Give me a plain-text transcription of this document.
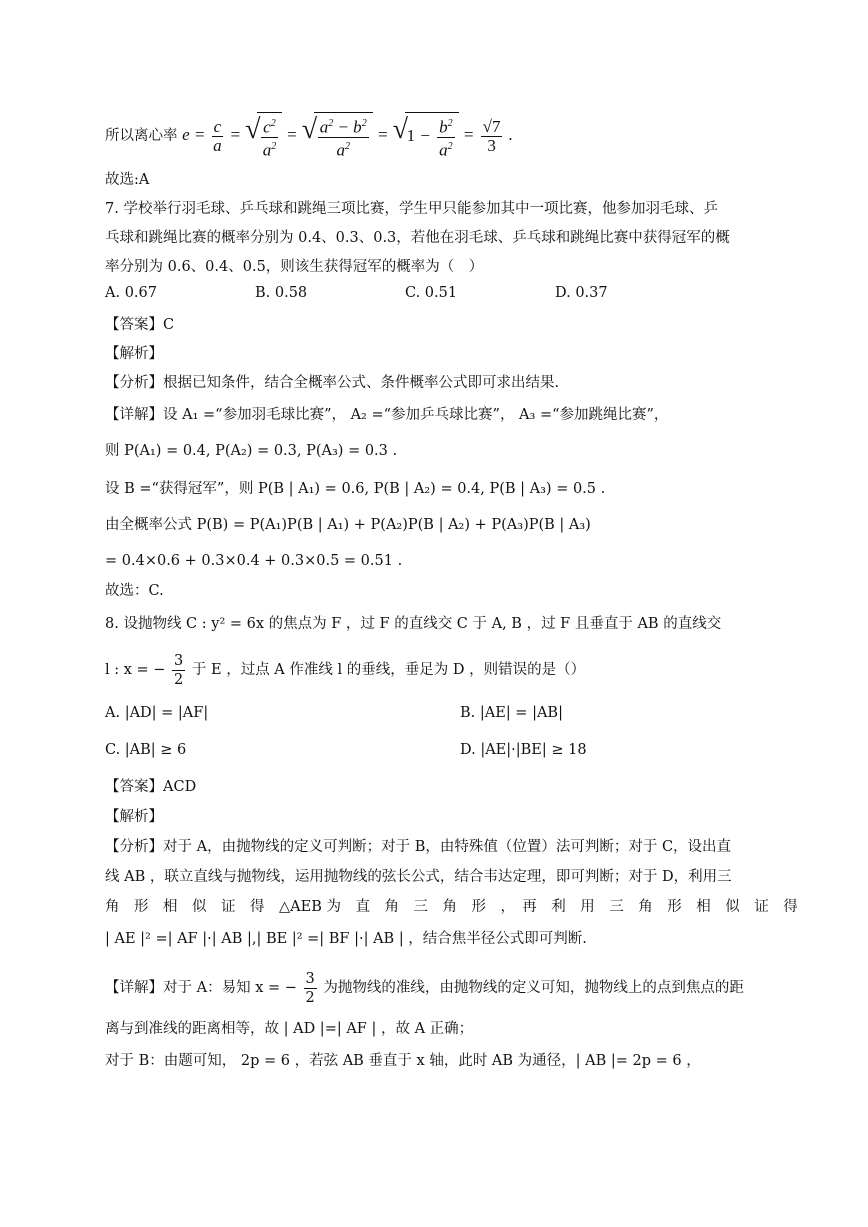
所以离心率 $e = \frac{c}{a}$ = √ $\frac{c^2}{a^2}$ = √ $\frac{a^2 - b^2}{a^2}$ = √
$1 - \frac{b^2}{a^2} = \frac{√7}{3}$ .
故选:A
7. 学校举行羽毛球、乒乓球和跳绳三项比赛，学生甲只能参加其中一项比赛，他参加羽毛球、乒
乓球和跳绳比赛的概率分别为 0.4、0.3、0.3，若他在羽毛球、乒乓球和跳绳比赛中获得冠军的概
率分别为 0.6、0.4、0.5，则该生获得冠军的概率为（　）
A. 0.67	B. 0.58	C. 0.51	D. 0.37
【答案】C
【解析】
【分析】根据已知条件，结合全概率公式、条件概率公式即可求出结果.
【详解】设 A₁ =“参加羽毛球比赛”， A₂ =“参加乒乓球比赛”， A₃ =“参加跳绳比赛”，
则 P(A₁) = 0.4, P(A₂) = 0.3, P(A₃) = 0.3 .
设 B =“获得冠军”，则 P(B | A₁) = 0.6, P(B | A₂) = 0.4, P(B | A₃) = 0.5 .
由全概率公式 P(B) = P(A₁)P(B | A₁) + P(A₂)P(B | A₂) + P(A₃)P(B | A₃)
= 0.4×0.6 + 0.3×0.4 + 0.3×0.5 = 0.51 .
故选：C.
8. 设抛物线 C : y² = 6x 的焦点为 F ，过 F 的直线交 C 于 A, B ，过 F 且垂直于 AB 的直线交
l : x = − $\frac{3}{2}$ 于 E ，过点 A 作准线 l 的垂线，垂足为 D ，则错误的是（）
A. |AD| = |AF|	B. |AE| = |AB|
C. |AB| ≥ 6	D. |AE|·|BE| ≥ 18
【答案】ACD
【解析】
【分析】对于 A，由抛物线的定义可判断；对于 B，由特殊值（位置）法可判断；对于 C，设出直
线 AB ，联立直线与抛物线，运用抛物线的弦长公式，结合韦达定理，即可判断；对于 D，利用三
角　形　相　似　证　得　△AEB 为　直　角　三　角　形　，　再　利　用　三　角　形　相　似　证　得
| AE |² =| AF |·| AB |,| BE |² =| BF |·| AB | ，结合焦半径公式即可判断.
【详解】对于 A：易知 x = − $\frac{3}{2}$ 为抛物线的准线，由抛物线的定义可知，抛物线上的点到焦点的距
离与到准线的距离相等，故 | AD |=| AF | ，故 A 正确；
对于 B：由题可知， 2p = 6 ，若弦 AB 垂直于 x 轴，此时 AB 为通径，| AB |= 2p = 6 ，
